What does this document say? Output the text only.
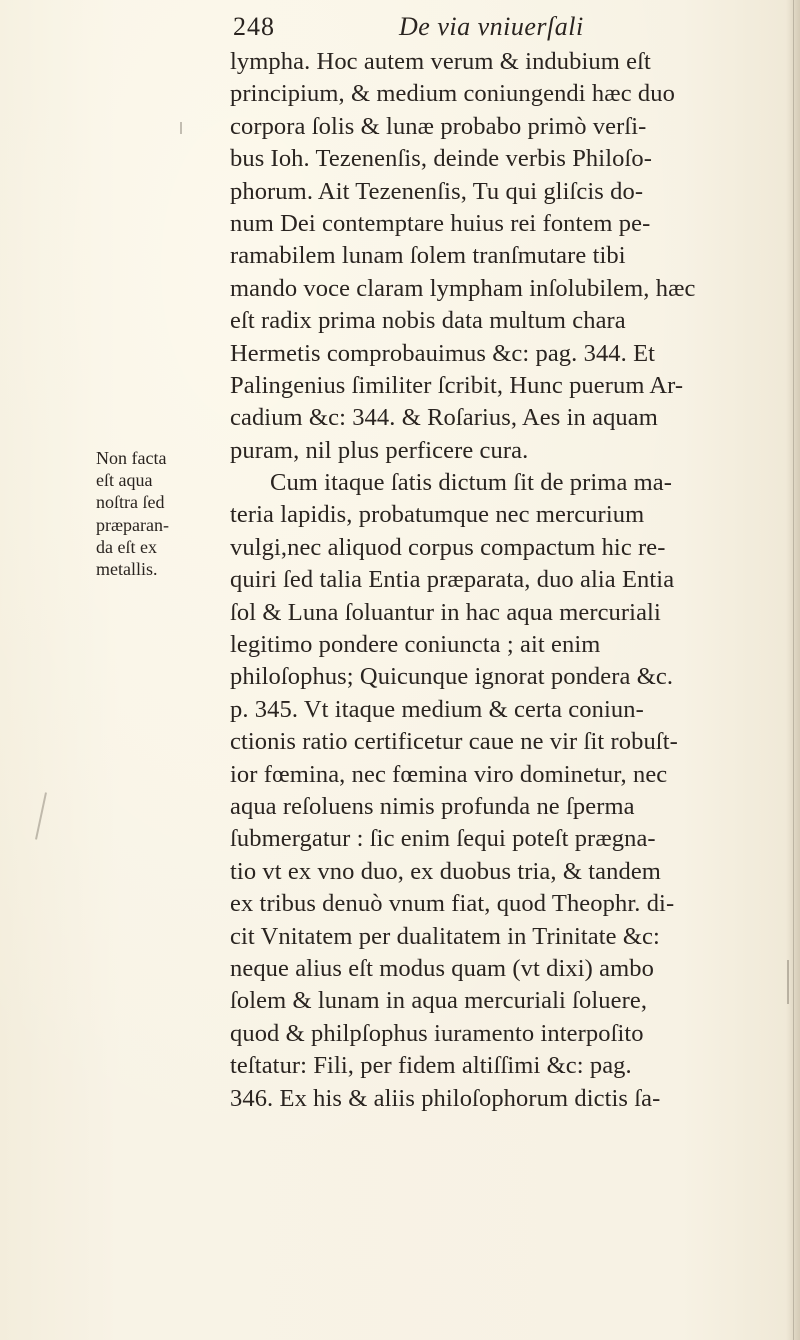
248	De via vniuerſali
Non facta
eſt aqua
noſtra ſed
præparan-
da eſt ex
metallis.
lympha. Hoc autem verum & indubium eſt
principium, & medium coniungendi hæc duo
corpora ſolis & lunæ probabo primò verſi-
bus Ioh. Tezenenſis, deinde verbis Philoſo-
phorum. Ait Tezenenſis, Tu qui gliſcis do-
num Dei contemptare huius rei fontem pe-
ramabilem lunam ſolem tranſmutare tibi
mando voce claram lympham inſolubilem, hæc
eſt radix prima nobis data multum chara
Hermetis comprobauimus &c: pag. 344. Et
Palingenius ſimiliter ſcribit, Hunc puerum Ar-
cadium &c: 344. & Roſarius, Aes in aquam
puram, nil plus perficere cura.
Cum itaque ſatis dictum ſit de prima ma-
teria lapidis, probatumque nec mercurium
vulgi,nec aliquod corpus compactum hic re-
quiri ſed talia Entia præparata, duo alia Entia
ſol & Luna ſoluantur in hac aqua mercuriali
legitimo pondere coniuncta ; ait enim
philoſophus; Quicunque ignorat pondera &c.
p. 345. Vt itaque medium & certa coniun-
ctionis ratio certificetur caue ne vir ſit robuſt-
ior fœmina, nec fœmina viro dominetur, nec
aqua reſoluens nimis profunda ne ſperma
ſubmergatur : ſic enim ſequi poteſt prægna-
tio vt ex vno duo, ex duobus tria, & tandem
ex tribus denuò vnum fiat, quod Theophr. di-
cit Vnitatem per dualitatem in Trinitate &c:
neque alius eſt modus quam (vt dixi) ambo
ſolem & lunam in aqua mercuriali ſoluere,
quod & philpſophus iuramento interpoſito
teſtatur: Fili, per fidem altiſſimi &c: pag.
346. Ex his & aliis philoſophorum dictis ſa-
